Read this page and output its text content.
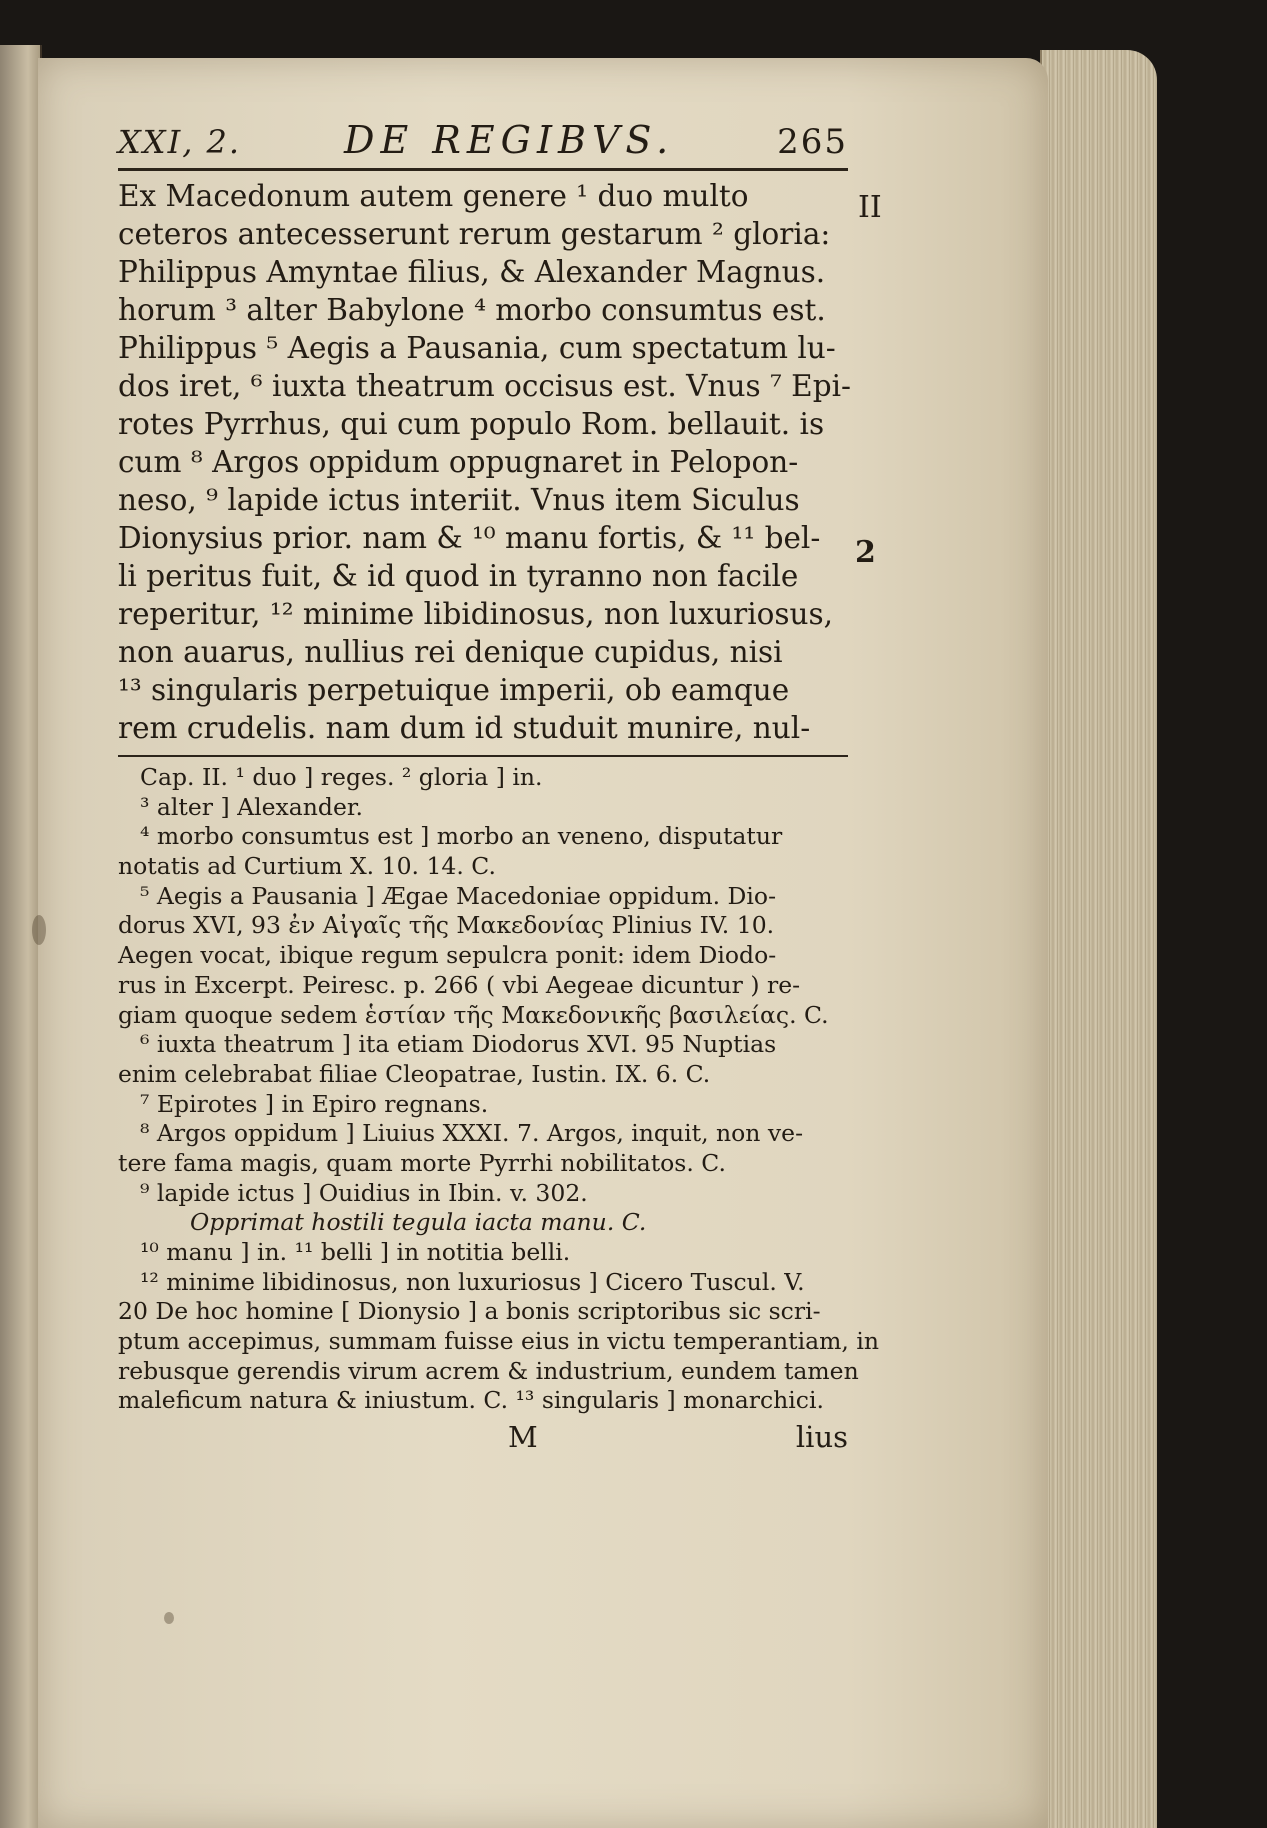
II
2
XXI, 2.	DE REGIBVS.	265
Ex Macedonum autem genere ¹ duo multo
ceteros antecesserunt rerum gestarum ² gloria:
Philippus Amyntae filius, & Alexander Magnus.
horum ³ alter Babylone ⁴ morbo consumtus est.
Philippus ⁵ Aegis a Pausania, cum spectatum lu-
dos iret, ⁶ iuxta theatrum occisus est. Vnus ⁷ Epi-
rotes Pyrrhus, qui cum populo Rom. bellauit. is
cum ⁸ Argos oppidum oppugnaret in Pelopon-
neso, ⁹ lapide ictus interiit. Vnus item Siculus
Dionysius prior. nam & ¹⁰ manu fortis, & ¹¹ bel-
li peritus fuit, & id quod in tyranno non facile
reperitur, ¹² minime libidinosus, non luxuriosus,
non auarus, nullius rei denique cupidus, nisi
¹³ singularis perpetuique imperii, ob eamque
rem crudelis. nam dum id studuit munire, nul-
Cap. II. ¹ duo ] reges. ² gloria ] in.
³ alter ] Alexander.
⁴ morbo consumtus est ] morbo an veneno, disputatur
notatis ad Curtium X. 10. 14. C.
⁵ Aegis a Pausania ] Ægae Macedoniae oppidum. Dio-
dorus XVI, 93 ἐν Αἰγαῖς τῆς Μακεδονίας Plinius IV. 10.
Aegen vocat, ibique regum sepulcra ponit: idem Diodo-
rus in Excerpt. Peiresc. p. 266 ( vbi Aegeae dicuntur ) re-
giam quoque sedem ἑστίαν τῆς Μακεδονικῆς βασιλείας. C.
⁶ iuxta theatrum ] ita etiam Diodorus XVI. 95 Nuptias
enim celebrabat filiae Cleopatrae, Iustin. IX. 6. C.
⁷ Epirotes ] in Epiro regnans.
⁸ Argos oppidum ] Liuius XXXI. 7. Argos, inquit, non ve-
tere fama magis, quam morte Pyrrhi nobilitatos. C.
⁹ lapide ictus ] Ouidius in Ibin. v. 302.
Opprimat hostili tegula iacta manu. C.
¹⁰ manu ] in. ¹¹ belli ] in notitia belli.
¹² minime libidinosus, non luxuriosus ] Cicero Tuscul. V.
20 De hoc homine [ Dionysio ] a bonis scriptoribus sic scri-
ptum accepimus, summam fuisse eius in victu temperantiam, in
rebusque gerendis virum acrem & industrium, eundem tamen
maleficum natura & iniustum. C. ¹³ singularis ] monarchici.
M	lius
